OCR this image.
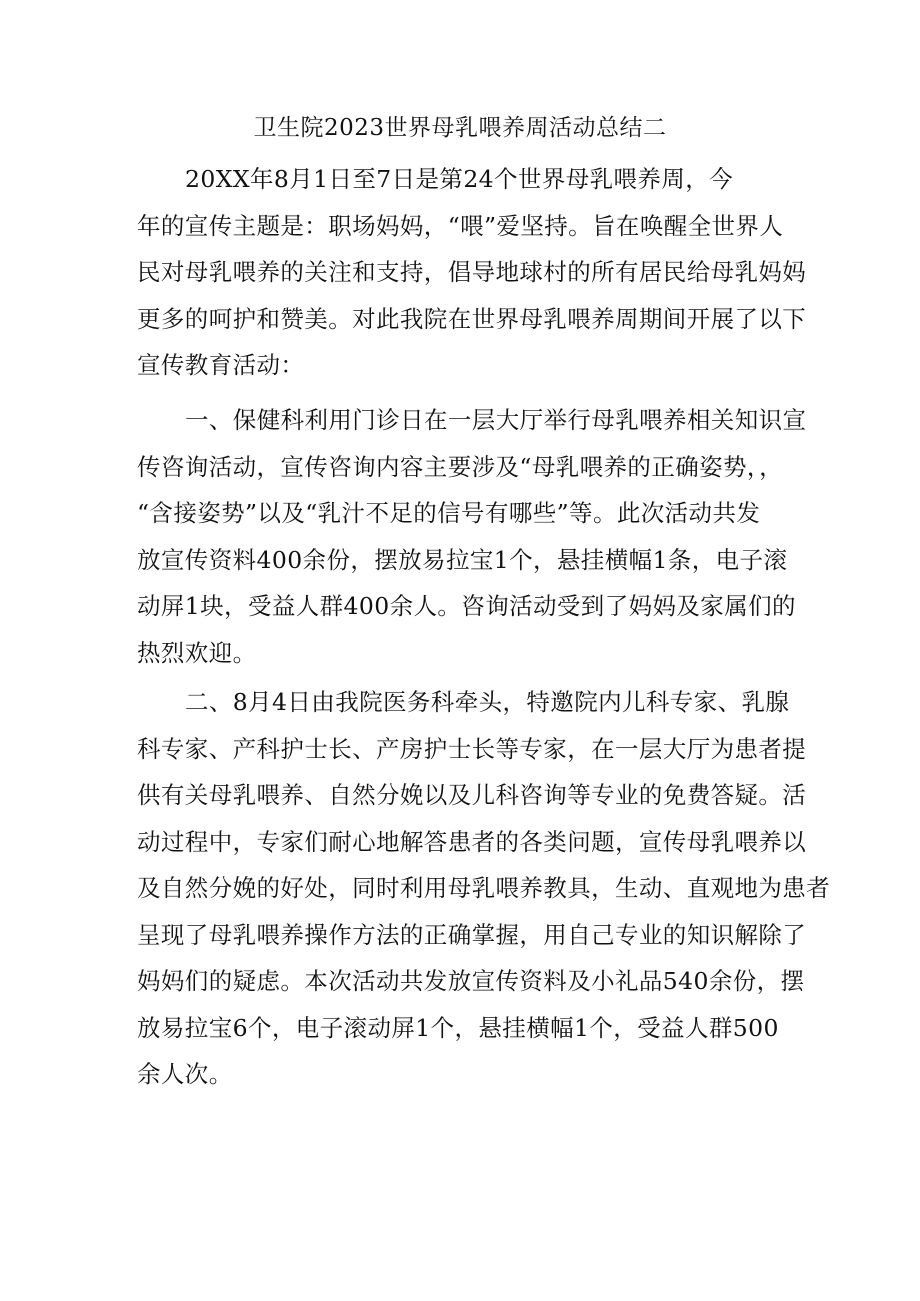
卫生院2023世界母乳喂养周活动总结二
20XX年8月1日至7日是第24个世界母乳喂养周，今
年的宣传主题是：职场妈妈，“喂”爱坚持。旨在唤醒全世界人
民对母乳喂养的关注和支持，倡导地球村的所有居民给母乳妈妈
更多的呵护和赞美。对此我院在世界母乳喂养周期间开展了以下
宣传教育活动：
一、保健科利用门诊日在一层大厅举行母乳喂养相关知识宣
传咨询活动，宣传咨询内容主要涉及“母乳喂养的正确姿势，，
“含接姿势”以及“乳汁不足的信号有哪些”等。此次活动共发
放宣传资料400余份，摆放易拉宝1个，悬挂横幅1条，电子滚
动屏1块，受益人群400余人。咨询活动受到了妈妈及家属们的
热烈欢迎。
二、8月4日由我院医务科牵头，特邀院内儿科专家、乳腺
科专家、产科护士长、产房护士长等专家，在一层大厅为患者提
供有关母乳喂养、自然分娩以及儿科咨询等专业的免费答疑。活
动过程中，专家们耐心地解答患者的各类问题，宣传母乳喂养以
及自然分娩的好处，同时利用母乳喂养教具，生动、直观地为患者
呈现了母乳喂养操作方法的正确掌握，用自己专业的知识解除了
妈妈们的疑虑。本次活动共发放宣传资料及小礼品540余份，摆
放易拉宝6个，电子滚动屏1个，悬挂横幅1个，受益人群500
余人次。
